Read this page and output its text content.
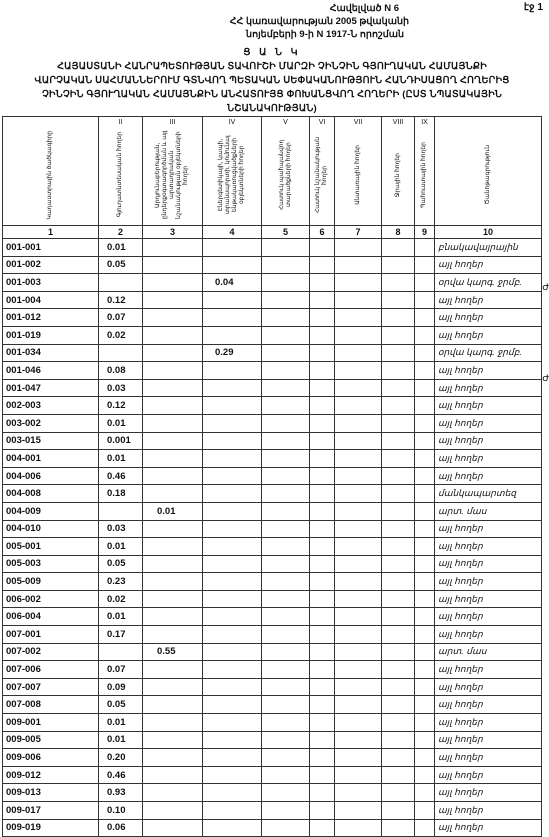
էջ 1
Հավելված N 6
ՀՀ կառավարության 2005 թվականի
նոյեմբերի 9-ի N 1917-Ն որոշման
Ց Ա Ն Կ
ՀԱՅԱՍՏԱՆԻ ՀԱՆՐԱՊԵՏՈՒԹՅԱՆ ՏԱՎՈՒՇԻ ՄԱՐԶԻ ՉԻՆՉԻՆ ԳՅՈՒՂԱԿԱՆ ՀԱՄԱՅՆՔԻ
ՎԱՐՉԱԿԱՆ ՍԱՀՄԱՆՆԵՐՈՒՄ ԳՏՆՎՈՂ ՊԵՏԱԿԱՆ ՍԵՓԱԿԱՆՈՒԹՅՈՒՆ ՀԱՆԴԻՍԱՑՈՂ ՀՈՂԵՐԻՑ
ՉԻՆՉԻՆ ԳՅՈՒՂԱԿԱՆ ՀԱՄԱՅՆՔԻՆ ԱՆՀԱՏՈՒՅՑ ՓՈԽԱՆՑՎՈՂ ՀՈՂԵՐԻ (ԸՍՏ ՆՊԱՏԱԿԱՅԻՆ
ՆՇԱՆԱԿՈՒԹՅԱՆ)
Ժ
Ժ
	II	III	IV	V	VI	VII	VIII	IX	
Կադաստրային ծածկագիրը	Գյուղատնտեսական հողեր	Արդյունաբերության, ընդերքօգտագործման և այլ արտադրական նշանակության օբյեկտների հողեր	Էներգետիկայի, կապի, տրանսպորտի, կոմունալ ենթակառուցվածքների օբյեկտների հողեր	Հատուկ պահպանվող տարածքների հողեր	Հատուկ նշանակության հողեր	Անտառային հողեր	Ջրային հողեր	Պահուստային հողեր	Ծանոթագրություն
1	2	3	4	5	6	7	8	9	10
001-001	0.01								բնակավայրային
001-002	0.05								այլ հողեր
001-003			0.04						օրվա կարգ. ջրմբ.
001-004	0.12								այլ հողեր
001-012	0.07								այլ հողեր
001-019	0.02								այլ հողեր
001-034			0.29						օրվա կարգ. ջրմբ.
001-046	0.08								այլ հողեր
001-047	0.03								այլ հողեր
002-003	0.12								այլ հողեր
003-002	0.01								այլ հողեր
003-015	0.001								այլ հողեր
004-001	0.01								այլ հողեր
004-006	0.46								այլ հողեր
004-008	0.18								մանկապարտեզ
004-009		0.01							արտ. մաս
004-010	0.03								այլ հողեր
005-001	0.01								այլ հողեր
005-003	0.05								այլ հողեր
005-009	0.23								այլ հողեր
006-002	0.02								այլ հողեր
006-004	0.01								այլ հողեր
007-001	0.17								այլ հողեր
007-002		0.55							արտ. մաս
007-006	0.07								այլ հողեր
007-007	0.09								այլ հողեր
007-008	0.05								այլ հողեր
009-001	0.01								այլ հողեր
009-005	0.01								այլ հողեր
009-006	0.20								այլ հողեր
009-012	0.46								այլ հողեր
009-013	0.93								այլ հողեր
009-017	0.10								այլ հողեր
009-019	0.06								այլ հողեր
